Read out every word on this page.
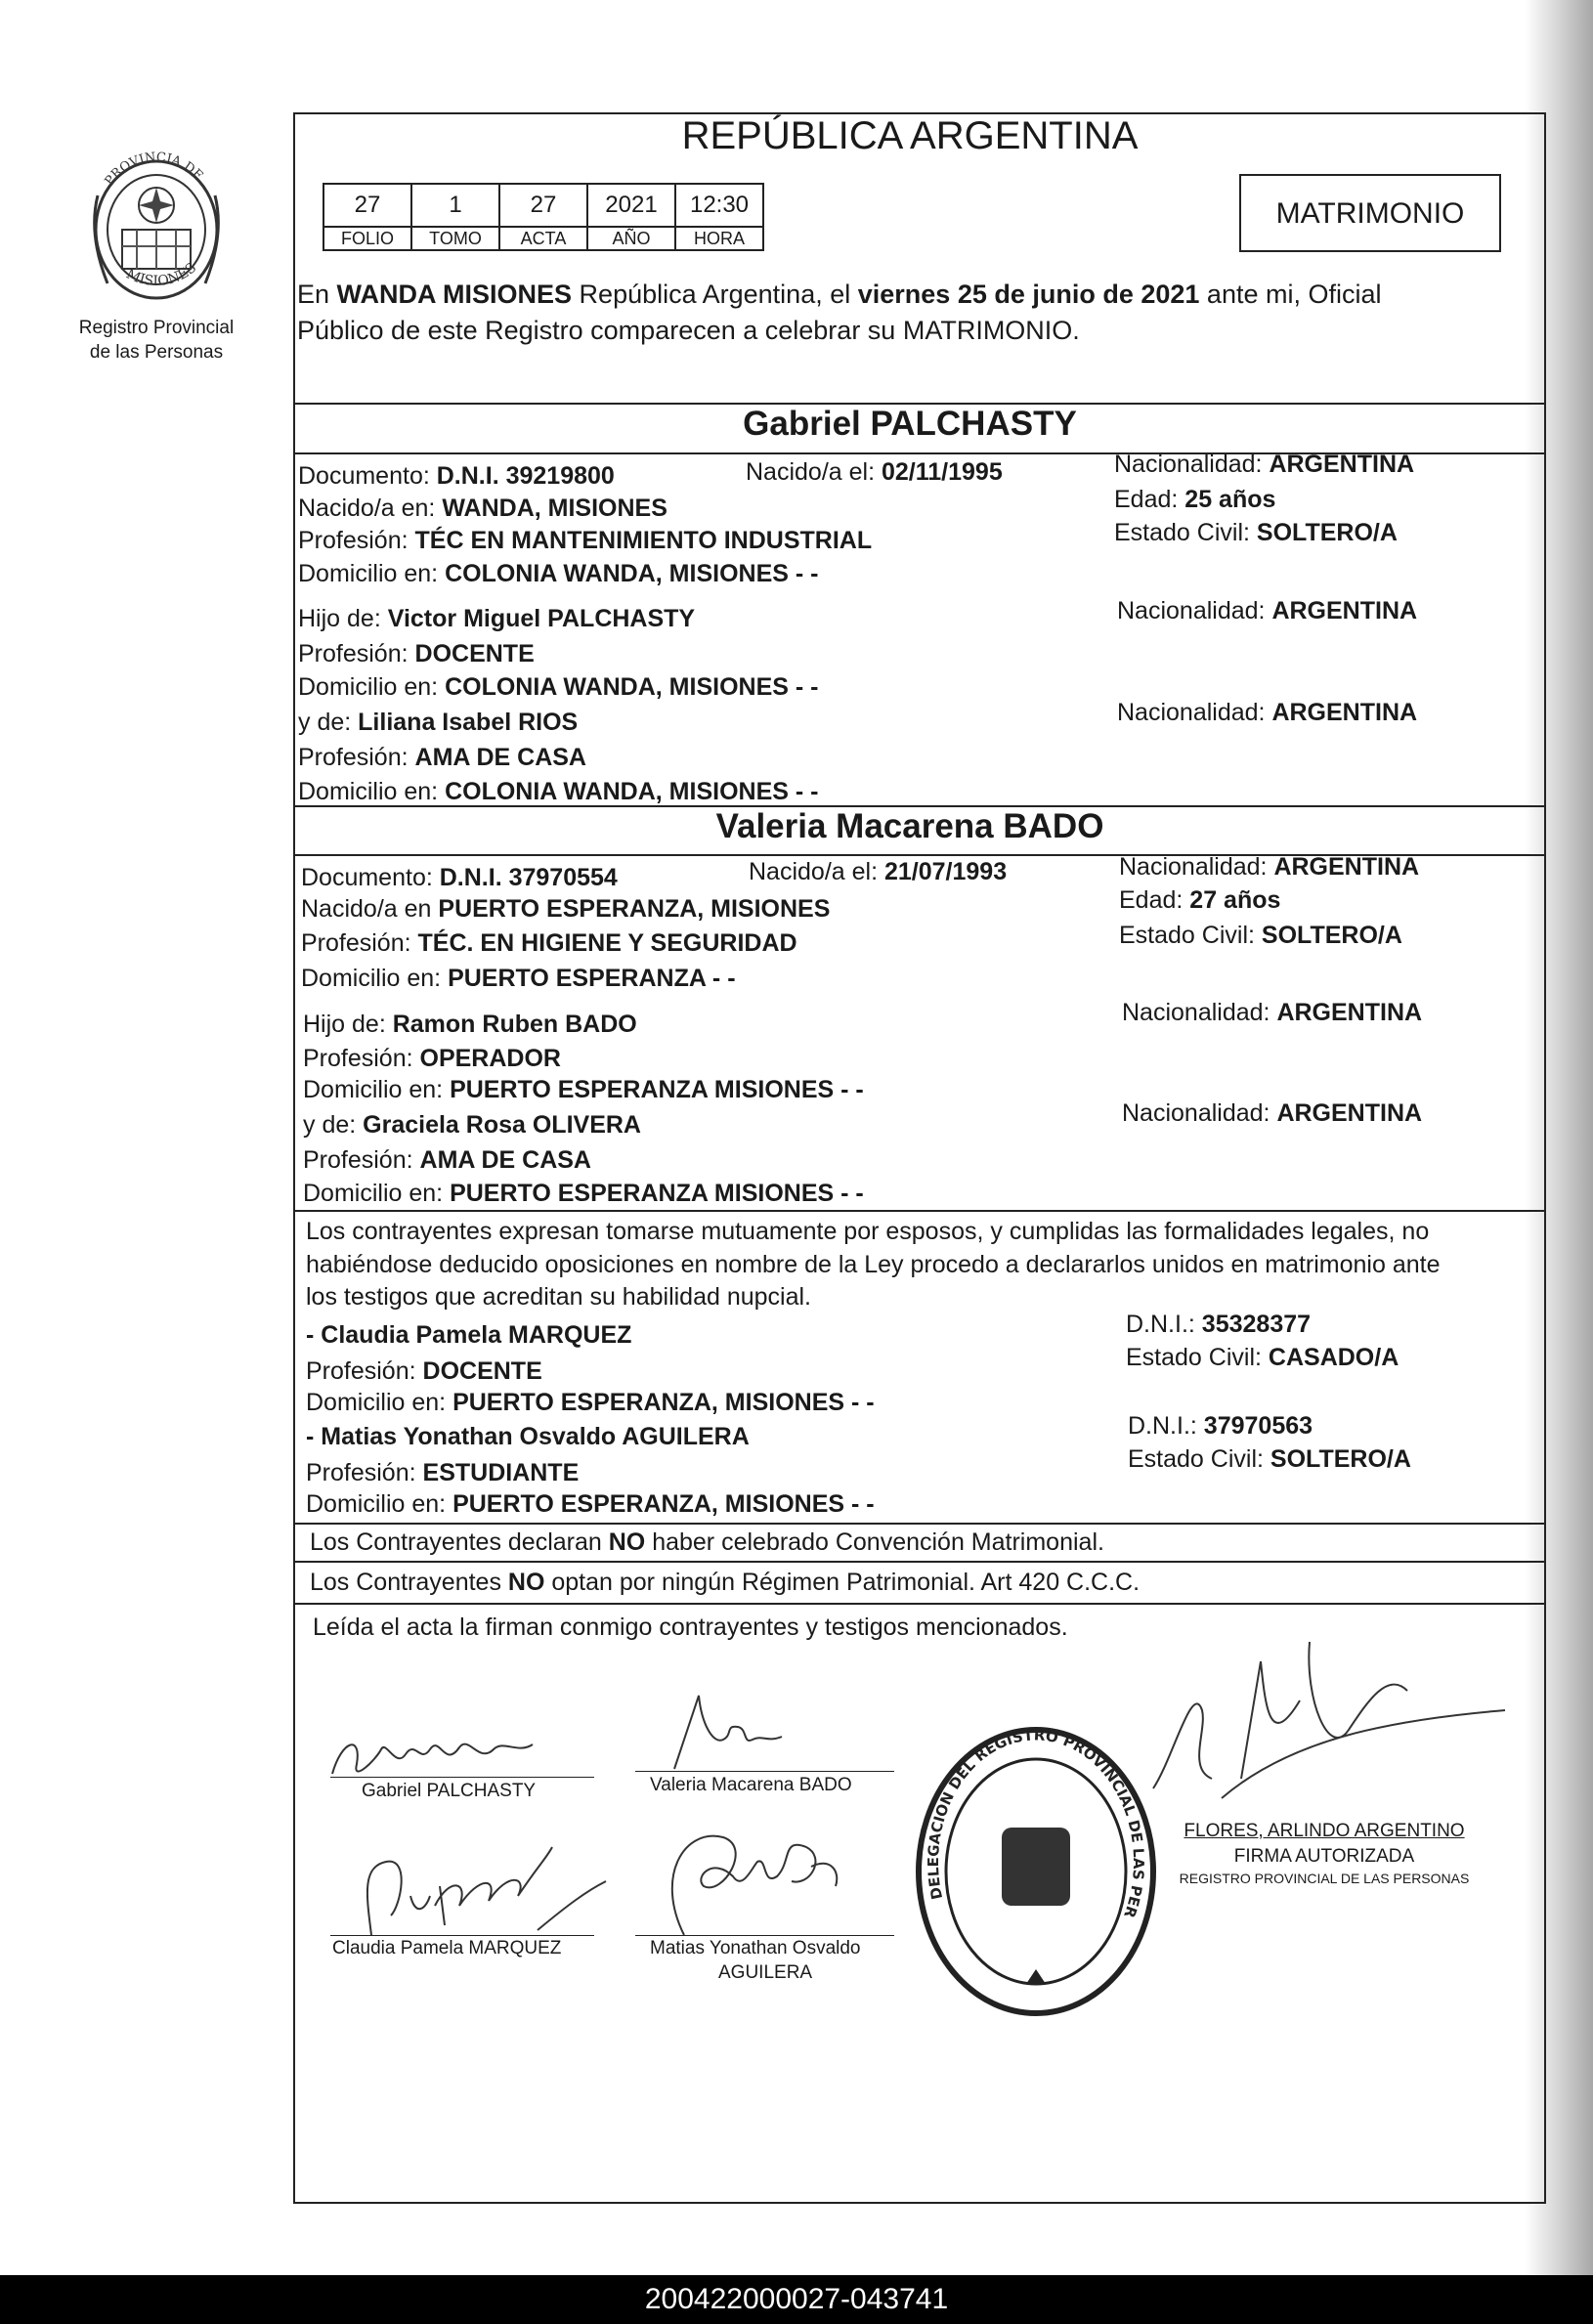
PROVINCIA DE
MISIONES
Registro Provincial
de las Personas
REPÚBLICA ARGENTINA
27	1	27	2021	12:30
FOLIO	TOMO	ACTA	AÑO	HORA
MATRIMONIO
En WANDA MISIONES República Argentina, el viernes 25 de junio de 2021 ante mi, Oficial
Público de este Registro comparecen a celebrar su MATRIMONIO.
Gabriel PALCHASTY
Documento: D.N.I. 39219800	Nacido/a el: 02/11/1995	Nacionalidad: ARGENTINA
Edad: 25 años
Estado Civil: SOLTERO/A
Nacido/a en: WANDA, MISIONES
Profesión: TÉC EN MANTENIMIENTO INDUSTRIAL
Domicilio en: COLONIA WANDA, MISIONES - -
Hijo de: Victor Miguel PALCHASTY	Nacionalidad: ARGENTINA
Profesión: DOCENTE
Domicilio en: COLONIA WANDA, MISIONES - -
y de: Liliana Isabel RIOS	Nacionalidad: ARGENTINA
Profesión: AMA DE CASA
Domicilio en: COLONIA WANDA, MISIONES - -
Valeria Macarena BADO
Documento: D.N.I. 37970554	Nacido/a el: 21/07/1993	Nacionalidad: ARGENTINA
Edad: 27 años
Estado Civil: SOLTERO/A
Nacido/a en PUERTO ESPERANZA, MISIONES
Profesión: TÉC. EN HIGIENE Y SEGURIDAD
Domicilio en: PUERTO ESPERANZA - -
Hijo de: Ramon Ruben BADO	Nacionalidad: ARGENTINA
Profesión: OPERADOR
Domicilio en: PUERTO ESPERANZA MISIONES - -
y de: Graciela Rosa OLIVERA	Nacionalidad: ARGENTINA
Profesión: AMA DE CASA
Domicilio en: PUERTO ESPERANZA MISIONES - -
Los contrayentes expresan tomarse mutuamente por esposos, y cumplidas las formalidades legales, no
habiéndose deducido oposiciones en nombre de la Ley procedo a declararlos unidos en matrimonio ante
los testigos que acreditan su habilidad nupcial.
- Claudia Pamela MARQUEZ
Profesión: DOCENTE
Domicilio en: PUERTO ESPERANZA, MISIONES - -
D.N.I.: 35328377
Estado Civil: CASADO/A
- Matias Yonathan Osvaldo AGUILERA
Profesión: ESTUDIANTE
Domicilio en: PUERTO ESPERANZA, MISIONES - -
D.N.I.: 37970563
Estado Civil: SOLTERO/A
Los Contrayentes declaran NO haber celebrado Convención Matrimonial.
Los Contrayentes NO optan por ningún Régimen Patrimonial. Art 420 C.C.C.
Leída el acta la firman conmigo contrayentes y testigos mencionados.
Gabriel PALCHASTY	Valeria Macarena BADO
Claudia Pamela MARQUEZ	Matias Yonathan Osvaldo
AGUILERA
DELEGACION DEL REGISTRO PROVINCIAL DE LAS PER
FLORES, ARLINDO ARGENTINO
FIRMA AUTORIZADA
REGISTRO PROVINCIAL DE LAS PERSONAS
200422000027-043741
